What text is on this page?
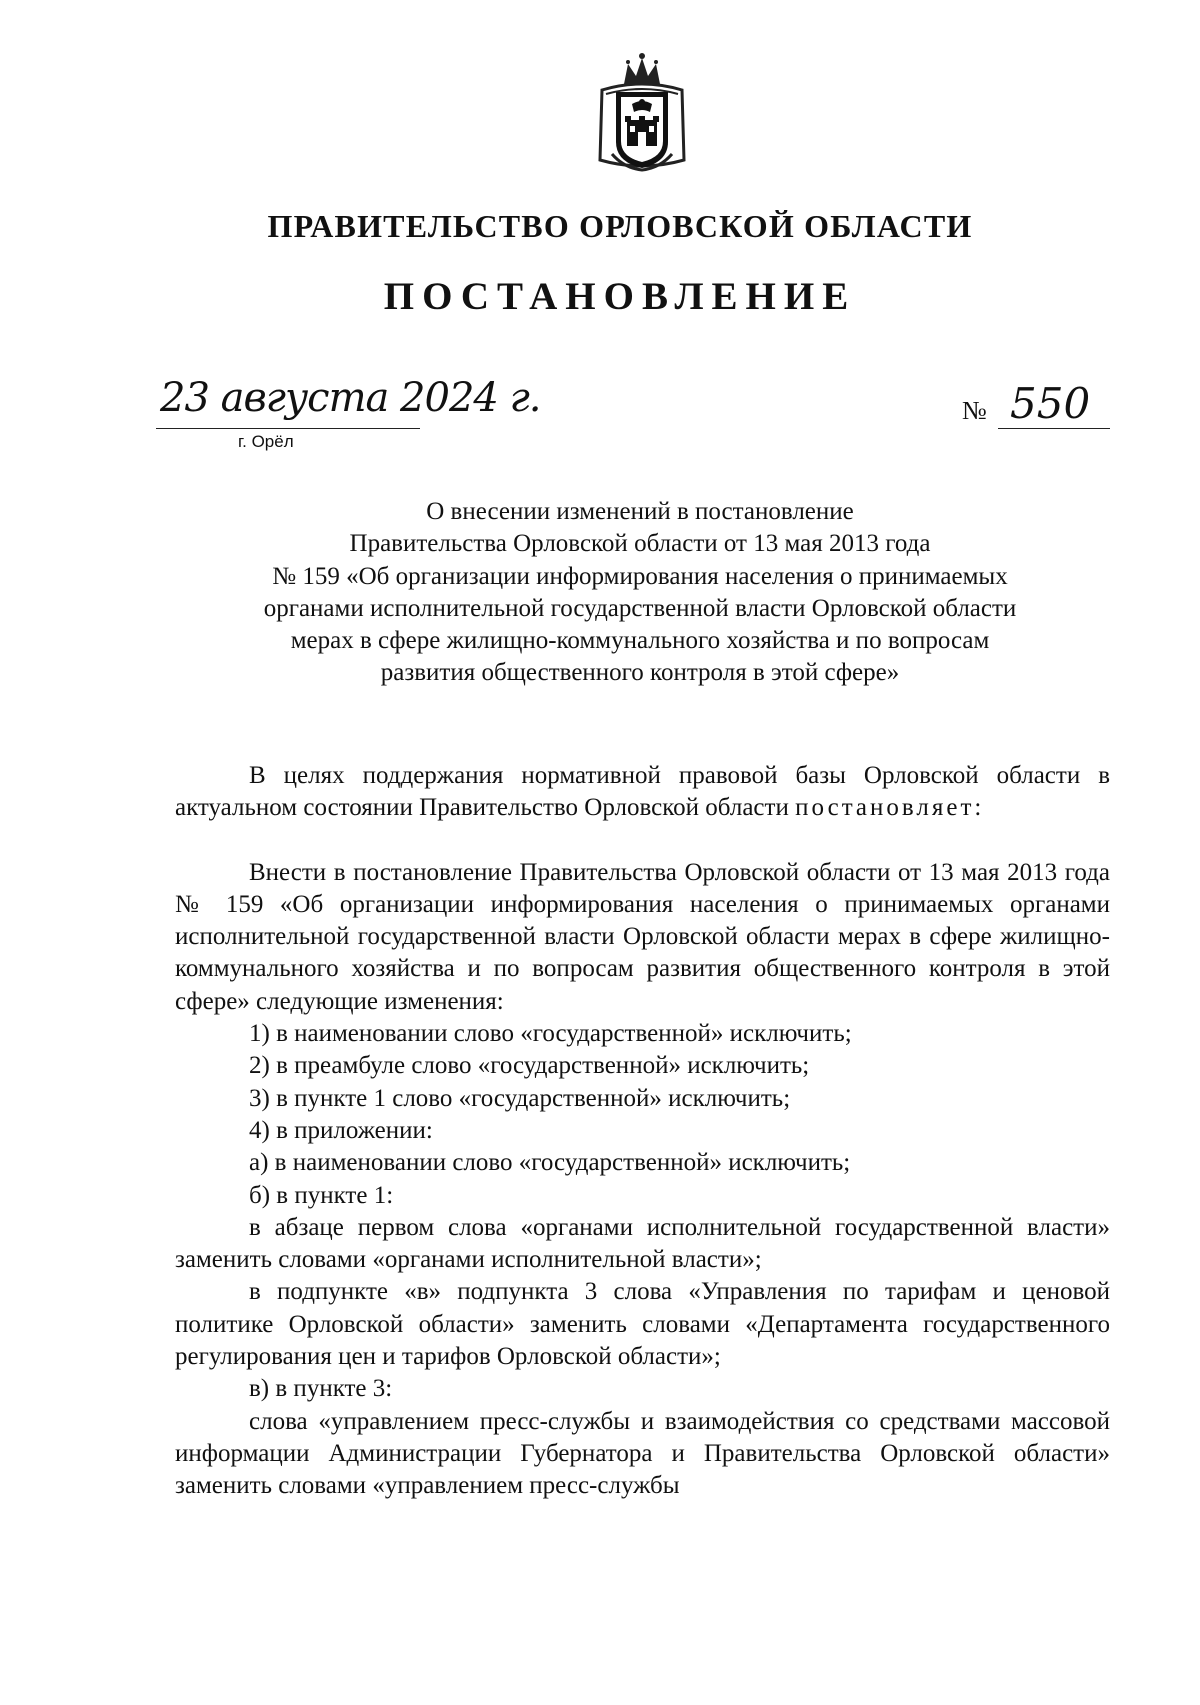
ПРАВИТЕЛЬСТВО ОРЛОВСКОЙ ОБЛАСТИ
ПОСТАНОВЛЕНИЕ
23 августа 2024 г.
г. Орёл
№ 550
О внесении изменений в постановление
Правительства Орловской области от 13 мая 2013 года
№ 159 «Об организации информирования населения о принимаемых
органами исполнительной государственной власти Орловской области
мерах в сфере жилищно-коммунального хозяйства и по вопросам
развития общественного контроля в этой сфере»

В целях поддержания нормативной правовой базы Орловской области в актуальном состоянии Правительство Орловской области постановляет:

Внести в постановление Правительства Орловской области от 13 мая 2013 года № 159 «Об организации информирования населения о принимаемых органами исполнительной государственной власти Орловской области мерах в сфере жилищно-коммунального хозяйства и по вопросам развития общественного контроля в этой сфере» следующие изменения:

1) в наименовании слово «государственной» исключить;

2) в преамбуле слово «государственной» исключить;

3) в пункте 1 слово «государственной» исключить;

4) в приложении:

а) в наименовании слово «государственной» исключить;

б) в пункте 1:

в абзаце первом слова «органами исполнительной государственной власти» заменить словами «органами исполнительной власти»;

в подпункте «в» подпункта 3 слова «Управления по тарифам и ценовой политике Орловской области» заменить словами «Департамента государственного регулирования цен и тарифов Орловской области»;

в) в пункте 3:

слова «управлением пресс-службы и взаимодействия со средствами массовой информации Администрации Губернатора и Правительства Орловской области» заменить словами «управлением пресс-службы
